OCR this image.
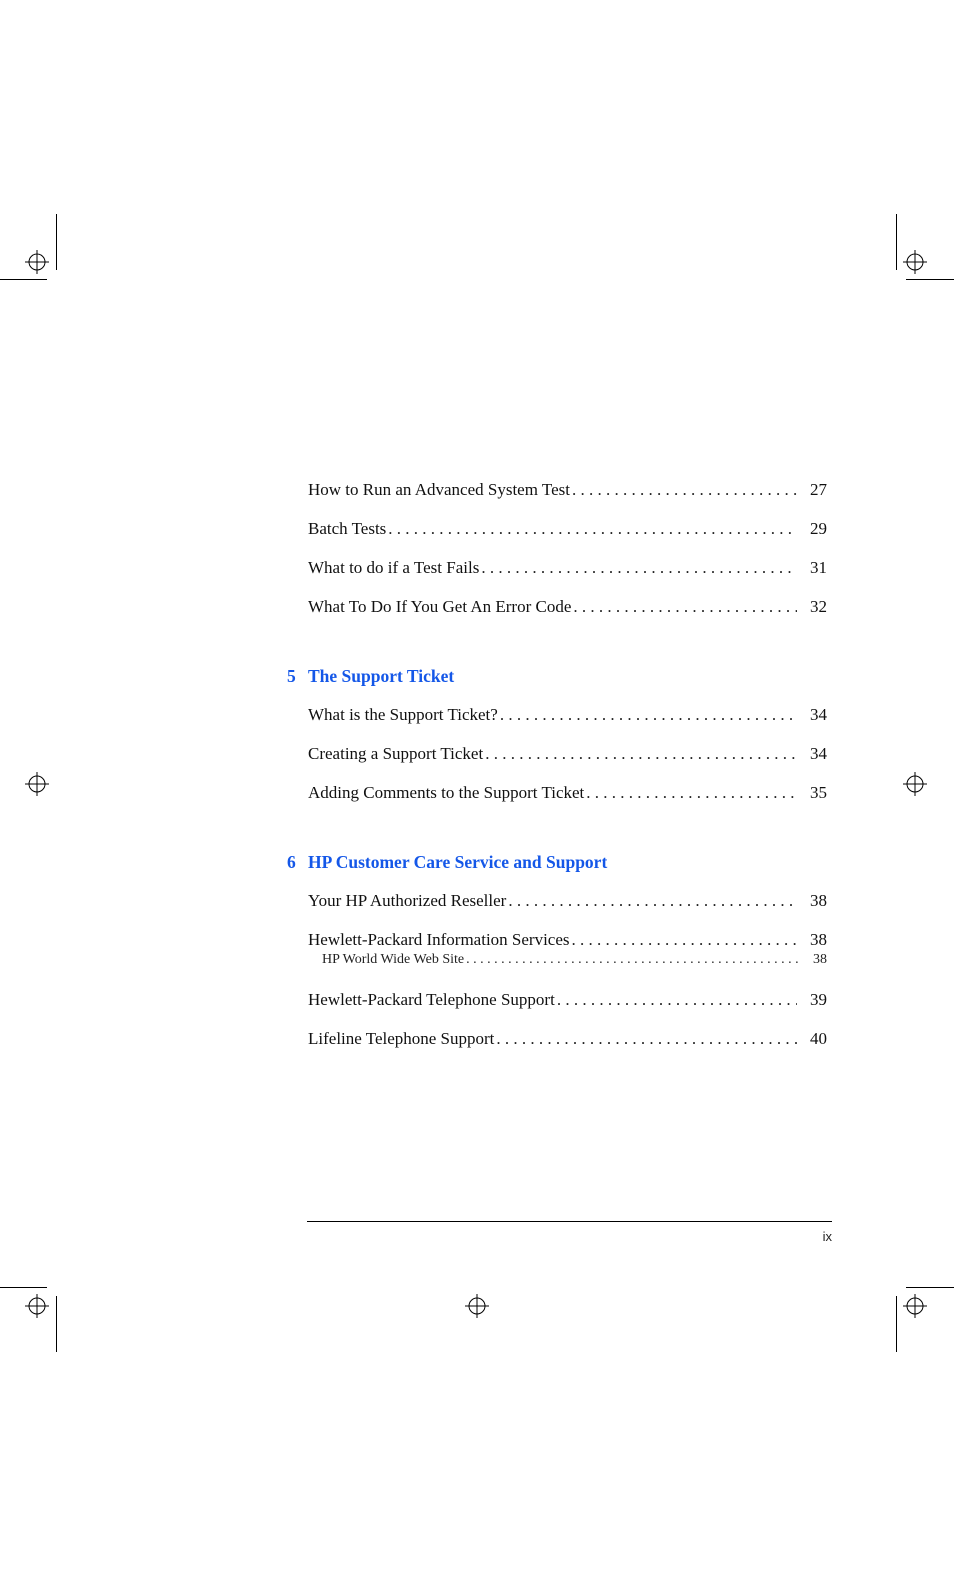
How to Run an Advanced System Test . . .	27
Batch Tests . . .	29
What to do if a Test Fails . . .	31
What To Do If You Get An Error Code . . .	32
5 The Support Ticket
What is the Support Ticket? . . .	34
Creating a Support Ticket . . .	34
Adding Comments to the Support Ticket . . .	35
6 HP Customer Care Service and Support
Your HP Authorized Reseller . . .	38
Hewlett-Packard Information Services . . .	38
HP World Wide Web Site . . .	38
Hewlett-Packard Telephone Support . . .	39
Lifeline Telephone Support . . .	40
ix
